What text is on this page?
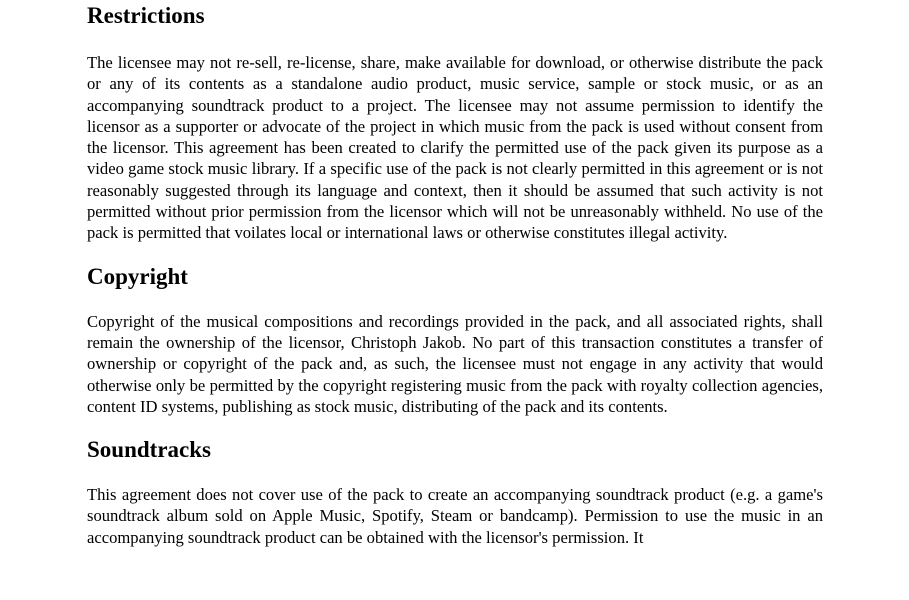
Restrictions

The licensee may not re-sell, re-license, share, make available for download, or otherwise distribute the pack or any of its contents as a standalone audio product, music service, sample or stock music, or as an accompanying soundtrack product to a project. The licensee may not assume permission to identify the licensor as a supporter or advocate of the project in which music from the pack is used without consent from the licensor. This agreement has been created to clarify the permitted use of the pack given its purpose as a video game stock music library. If a specific use of the pack is not clearly permitted in this agreement or is not reasonably suggested through its language and context, then it should be assumed that such activity is not permitted without prior permission from the licensor which will not be unreasonably withheld. No use of the pack is permitted that voilates local or international laws or otherwise constitutes illegal activity.

Copyright

Copyright of the musical compositions and recordings provided in the pack, and all associated rights, shall remain the ownership of the licensor, Christoph Jakob. No part of this transaction constitutes a transfer of ownership or copyright of the pack and, as such, the licensee must not engage in any activity that would otherwise only be permitted by the copyright registering music from the pack with royalty collection agencies, content ID systems, publishing as stock music, distributing of the pack and its contents.

Soundtracks

This agreement does not cover use of the pack to create an accompanying soundtrack product (e.g. a game's soundtrack album sold on Apple Music, Spotify, Steam or bandcamp). Permission to use the music in an accompanying soundtrack product can be obtained with the licensor's permission. It
